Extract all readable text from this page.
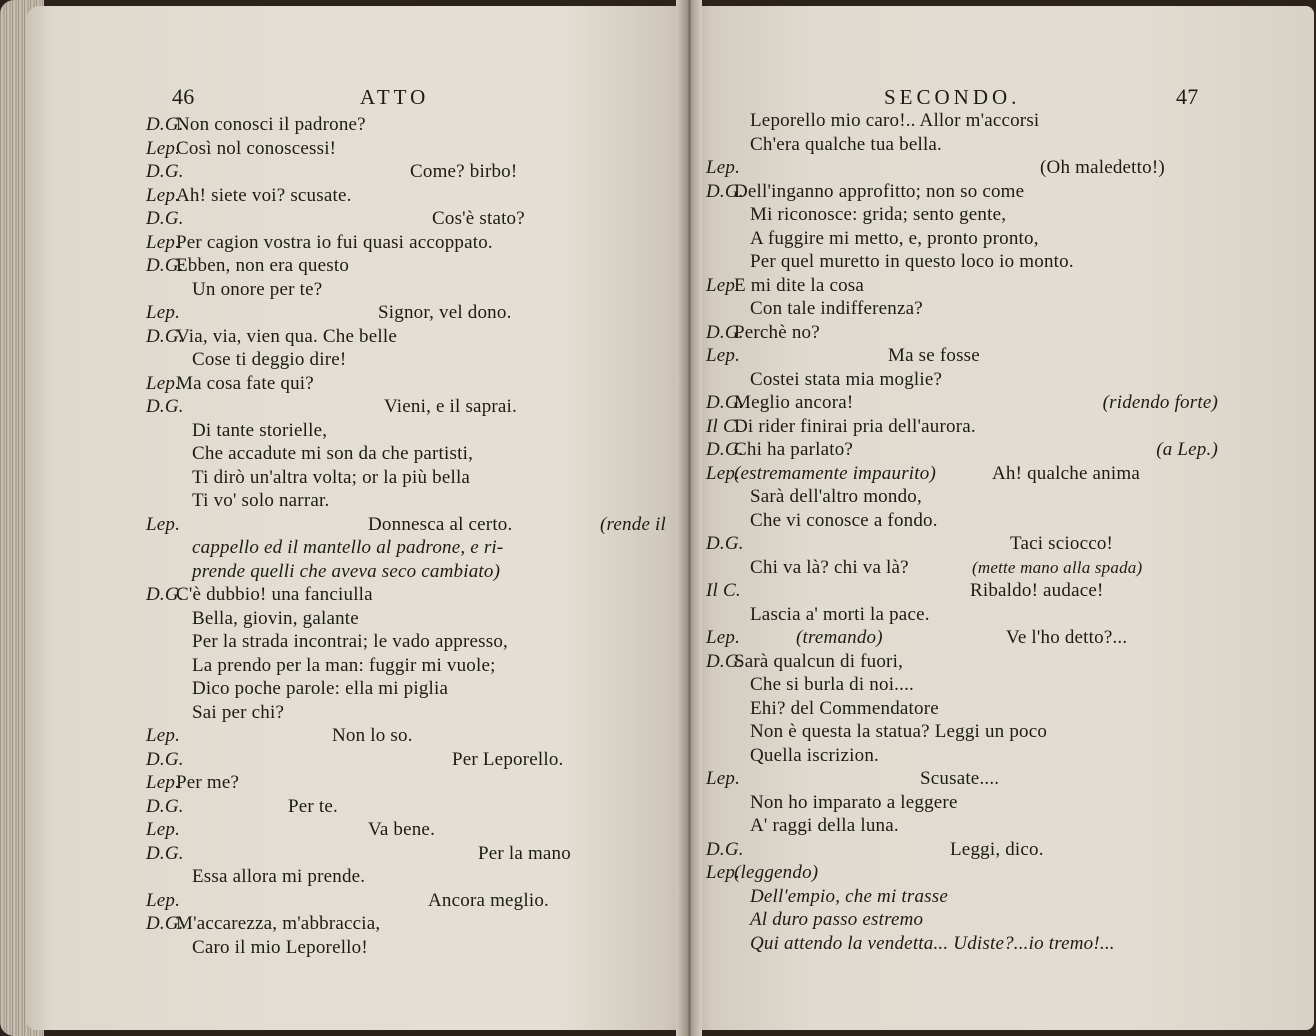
46	ATTO
D.G.
Non conosci il padrone?
Lep.
Così nol conoscessi!
D.G.	Come? birbo!
Lep.
Ah! siete voi? scusate.
D.G.	Cos'è stato?
Lep.
Per cagion vostra io fui quasi accoppato.
D.G.
Ebben, non era questo
Un onore per te?
Lep.	Signor, vel dono.
D.G.
Via, via, vien qua. Che belle
Cose ti deggio dire!
Lep.
Ma cosa fate qui?
D.G.	Vieni, e il saprai.
Di tante storielle,
Che accadute mi son da che partisti,
Ti dirò un'altra volta; or la più bella
Ti vo' solo narrar.
Lep.	Donnesca al certo.	(rende il
cappello ed il mantello al padrone, e ri-
prende quelli che aveva seco cambiato)
D.G.
C'è dubbio! una fanciulla
Bella, giovin, galante
Per la strada incontrai; le vado appresso,
La prendo per la man: fuggir mi vuole;
Dico poche parole: ella mi piglia
Sai per chi?
Lep.	Non lo so.
D.G.	Per Leporello.
Lep.
Per me?
D.G.	Per te.
Lep.	Va bene.
D.G.	Per la mano
Essa allora mi prende.
Lep.	Ancora meglio.
D.G.
M'accarezza, m'abbraccia,
Caro il mio Leporello!
47
SECONDO.
Leporello mio caro!.. Allor m'accorsi
Ch'era qualche tua bella.
Lep.	(Oh maledetto!)
D.G.
Dell'inganno approfitto; non so come
Mi riconosce: grida; sento gente,
A fuggire mi metto, e, pronto pronto,
Per quel muretto in questo loco io monto.
Lep.
E mi dite la cosa
Con tale indifferenza?
D.G.
Perchè no?
Lep.	Ma se fosse
Costei stata mia moglie?
D.G.
Meglio ancora!	(ridendo forte)
Il C.
Di rider finirai pria dell'aurora.
D.G.
Chi ha parlato?	(a Lep.)
Lep.
(estremamente impaurito)	Ah! qualche anima
Sarà dell'altro mondo,
Che vi conosce a fondo.
D.G.	Taci sciocco!
Chi va là? chi va là?	(mette mano alla spada)
Il C.	Ribaldo! audace!
Lascia a' morti la pace.
Lep.	(tremando)	Ve l'ho detto?...
D.G.
Sarà qualcun di fuori,
Che si burla di noi....
Ehi? del Commendatore
Non è questa la statua? Leggi un poco
Quella iscrizion.
Lep.	Scusate....
Non ho imparato a leggere
A' raggi della luna.
D.G.	Leggi, dico.
Lep.
(leggendo)
Dell'empio, che mi trasse
Al duro passo estremo
Qui attendo la vendetta... Udiste?...io tremo!...
